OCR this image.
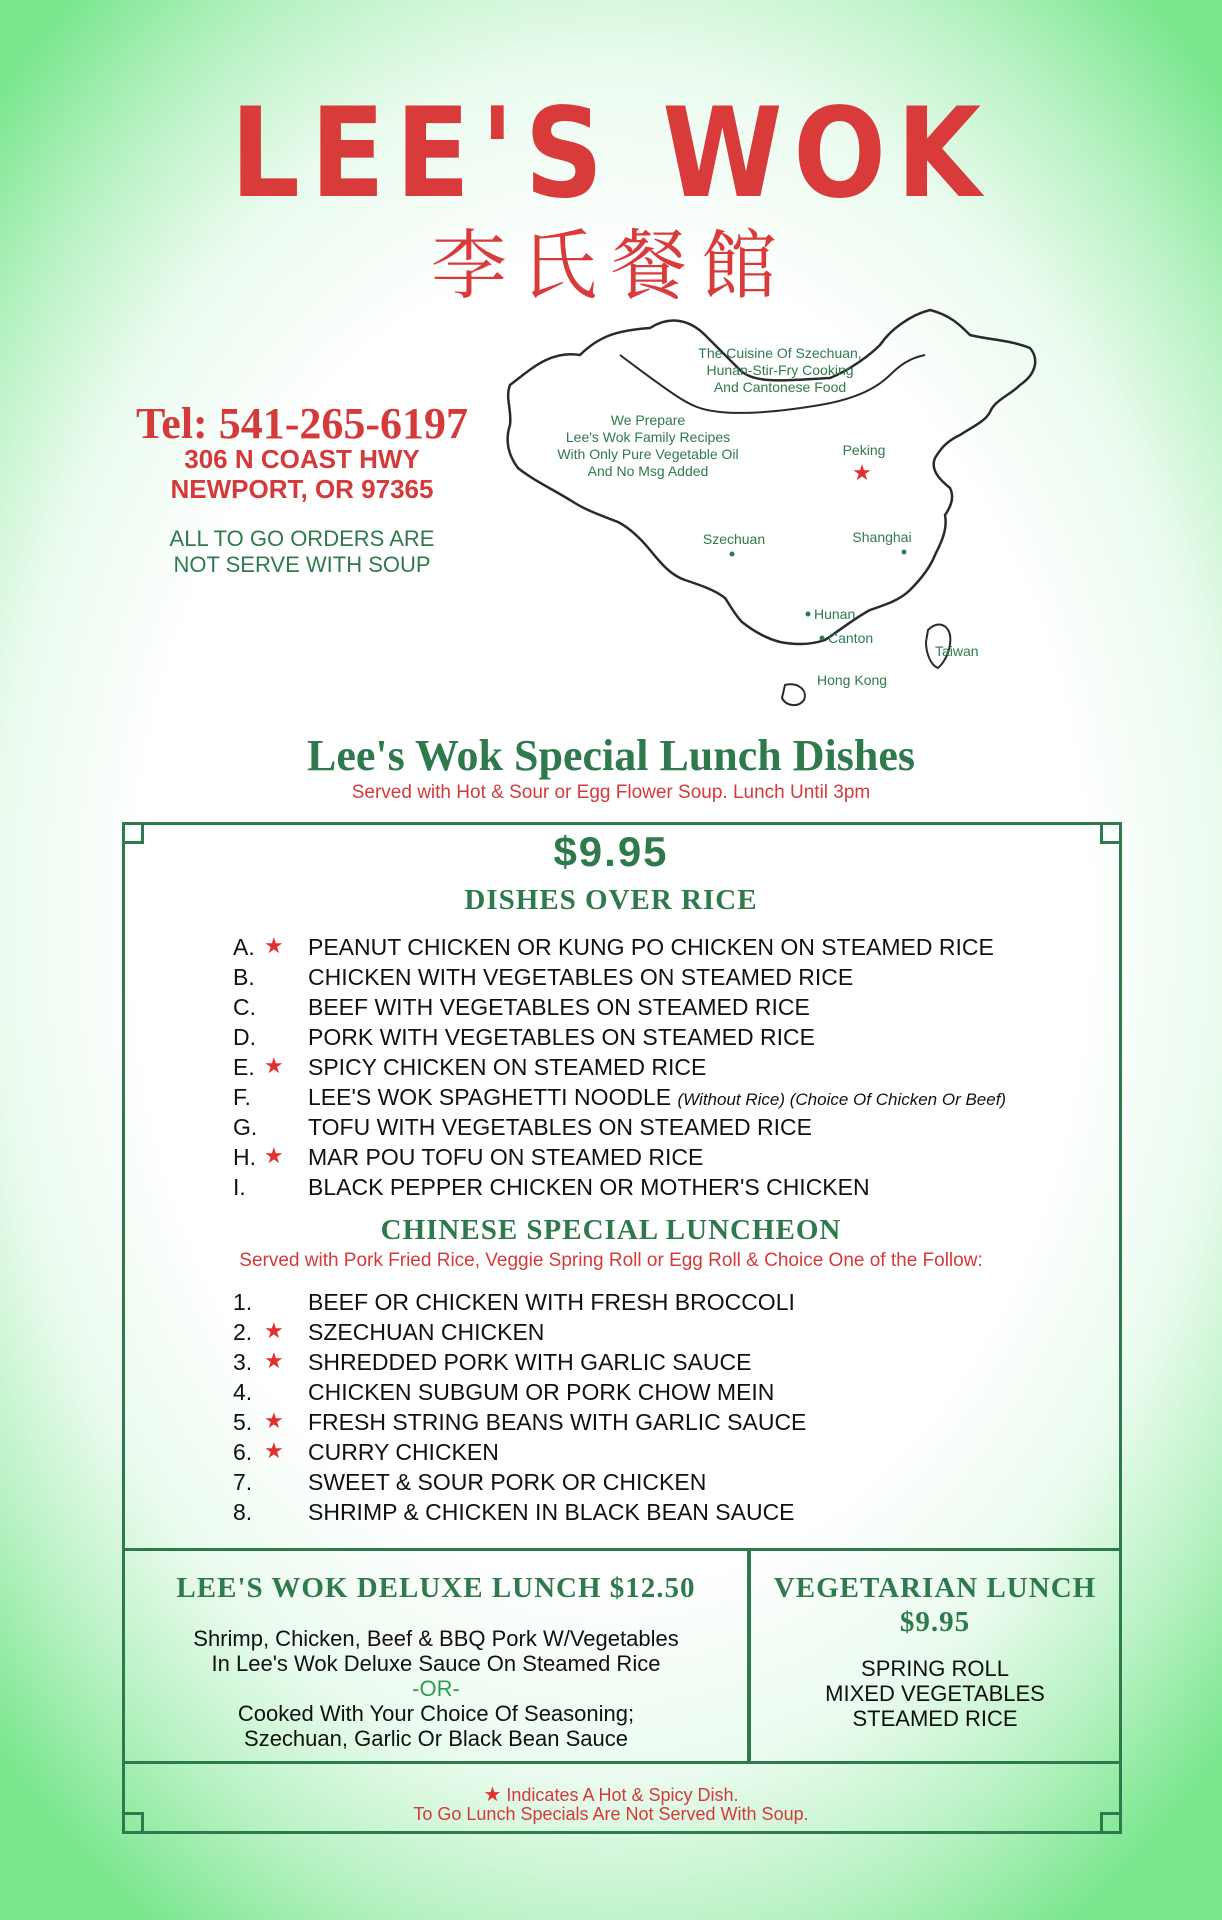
LEE'S WOK
李氏餐館
Tel: 541-265-6197
306 N COAST HWY
NEWPORT, OR 97365
ALL TO GO ORDERS ARE
NOT SERVE WITH SOUP
The Cuisine Of Szechuan,
Hunan-Stir-Fry Cooking
And Cantonese Food
We Prepare
Lee's Wok Family Recipes
With Only Pure Vegetable Oil
And No Msg Added
Peking
★
Szechuan	Shanghai
Hunan
Canton
Taiwan
Hong Kong
Lee's Wok Special Lunch Dishes
Served with Hot & Sour or Egg Flower Soup. Lunch Until 3pm
$9.95
DISHES OVER RICE
A. ★ PEANUT CHICKEN OR KUNG PO CHICKEN ON STEAMED RICE
B. CHICKEN WITH VEGETABLES ON STEAMED RICE
C. BEEF WITH VEGETABLES ON STEAMED RICE
D. PORK WITH VEGETABLES ON STEAMED RICE
E. ★ SPICY CHICKEN ON STEAMED RICE
F. LEE'S WOK SPAGHETTI NOODLE (Without Rice) (Choice Of Chicken Or Beef)
G. TOFU WITH VEGETABLES ON STEAMED RICE
H. ★ MAR POU TOFU ON STEAMED RICE
I.	BLACK PEPPER CHICKEN OR MOTHER'S CHICKEN
CHINESE SPECIAL LUNCHEON
Served with Pork Fried Rice, Veggie Spring Roll or Egg Roll & Choice One of the Follow:
1. BEEF OR CHICKEN WITH FRESH BROCCOLI
2. ★ SZECHUAN CHICKEN
3. ★ SHREDDED PORK WITH GARLIC SAUCE
4. CHICKEN SUBGUM OR PORK CHOW MEIN
5. ★ FRESH STRING BEANS WITH GARLIC SAUCE
6. ★ CURRY CHICKEN
7. SWEET & SOUR PORK OR CHICKEN
8. SHRIMP & CHICKEN IN BLACK BEAN SAUCE
LEE'S WOK DELUXE LUNCH $12.50
Shrimp, Chicken, Beef & BBQ Pork W/Vegetables
In Lee's Wok Deluxe Sauce On Steamed Rice
-OR-
Cooked With Your Choice Of Seasoning;
Szechuan, Garlic Or Black Bean Sauce
VEGETARIAN LUNCH
$9.95
SPRING ROLL
MIXED VEGETABLES
STEAMED RICE
★ Indicates A Hot & Spicy Dish.
To Go Lunch Specials Are Not Served With Soup.
